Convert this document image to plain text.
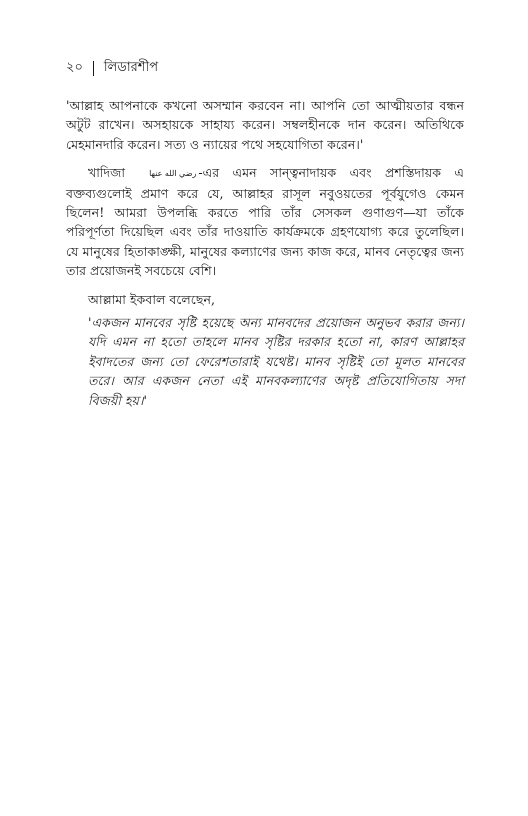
২০ লিডারশীপ

'আল্লাহ আপনাকে কখনো অসম্মান করবেন না। আপনি তো আত্মীয়তার বন্ধন অটুট রাখেন। অসহায়কে সাহায্য করেন। সম্বলহীনকে দান করেন। অতিথিকে মেহমানদারি করেন। সত্য ও ন্যায়ের পথে সহযোগিতা করেন।'

খাদিজা	رضي الله عنها -এর এমন সান্ত্বনাদায়ক এবং প্রশস্তিদায়ক এ বক্তব্যগুলোই প্রমাণ করে যে, আল্লাহর রাসূল নবুওয়তের পূর্বযুগেও কেমন ছিলেন! আমরা উপলব্ধি করতে পারি তাঁর সেসকল গুণাগুণ—যা তাঁকে পরিপূর্ণতা দিয়েছিল এবং তাঁর দাওয়াতি কার্যক্রমকে গ্রহণযোগ্য করে তুলেছিল। যে মানুষের হিতাকাঙ্ক্ষী, মানুষের কল্যাণের জন্য কাজ করে, মানব নেতৃত্বের জন্য তার প্রয়োজনই সবচেয়ে বেশি।

আল্লামা ইকবাল বলেছেন,

'একজন মানবের সৃষ্টি হয়েছে অন্য মানবদের প্রয়োজন অনুভব করার জন্য। যদি এমন না হতো তাহলে মানব সৃষ্টির দরকার হতো না, কারণ আল্লাহর ইবাদতের জন্য তো ফেরেশতারাই যথেষ্ট। মানব সৃষ্টিই তো মূলত মানবের তরে। আর একজন নেতা এই মানবকল্যাণের অদৃষ্ট প্রতিযোগিতায় সদা বিজয়ী হয়।'
